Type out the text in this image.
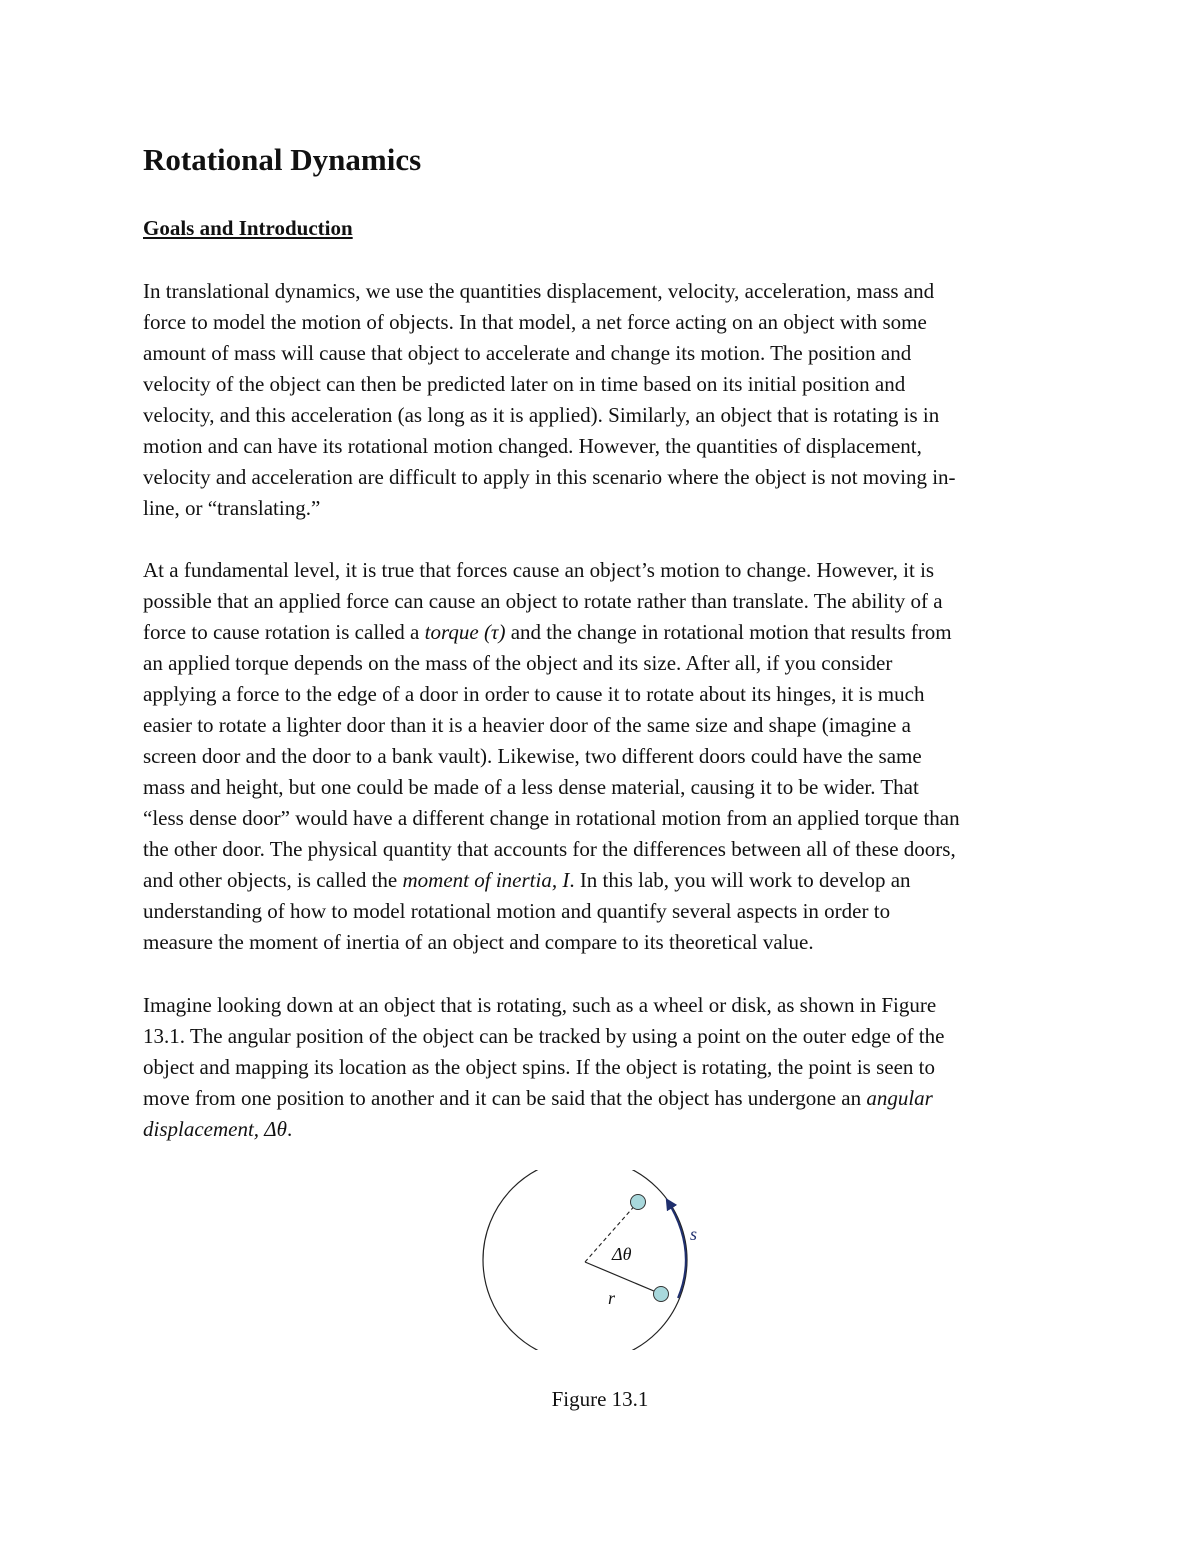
Rotational Dynamics
Goals and Introduction

In translational dynamics, we use the quantities displacement, velocity, acceleration, mass and
force to model the motion of objects. In that model, a net force acting on an object with some
amount of mass will cause that object to accelerate and change its motion. The position and
velocity of the object can then be predicted later on in time based on its initial position and
velocity, and this acceleration (as long as it is applied). Similarly, an object that is rotating is in
motion and can have its rotational motion changed. However, the quantities of displacement,
velocity and acceleration are difficult to apply in this scenario where the object is not moving in-
line, or “translating.”

At a fundamental level, it is true that forces cause an object’s motion to change. However, it is
possible that an applied force can cause an object to rotate rather than translate. The ability of a
force to cause rotation is called a torque (τ) and the change in rotational motion that results from
an applied torque depends on the mass of the object and its size. After all, if you consider
applying a force to the edge of a door in order to cause it to rotate about its hinges, it is much
easier to rotate a lighter door than it is a heavier door of the same size and shape (imagine a
screen door and the door to a bank vault). Likewise, two different doors could have the same
mass and height, but one could be made of a less dense material, causing it to be wider. That
“less dense door” would have a different change in rotational motion from an applied torque than
the other door. The physical quantity that accounts for the differences between all of these doors,
and other objects, is called the moment of inertia, I. In this lab, you will work to develop an
understanding of how to model rotational motion and quantify several aspects in order to
measure the moment of inertia of an object and compare to its theoretical value.

Imagine looking down at an object that is rotating, such as a wheel or disk, as shown in Figure
13.1. The angular position of the object can be tracked by using a point on the outer edge of the
object and mapping its location as the object spins. If the object is rotating, the point is seen to
move from one position to another and it can be said that the object has undergone an angular
displacement, Δθ.

Δθ
r
s
Figure 13.1
